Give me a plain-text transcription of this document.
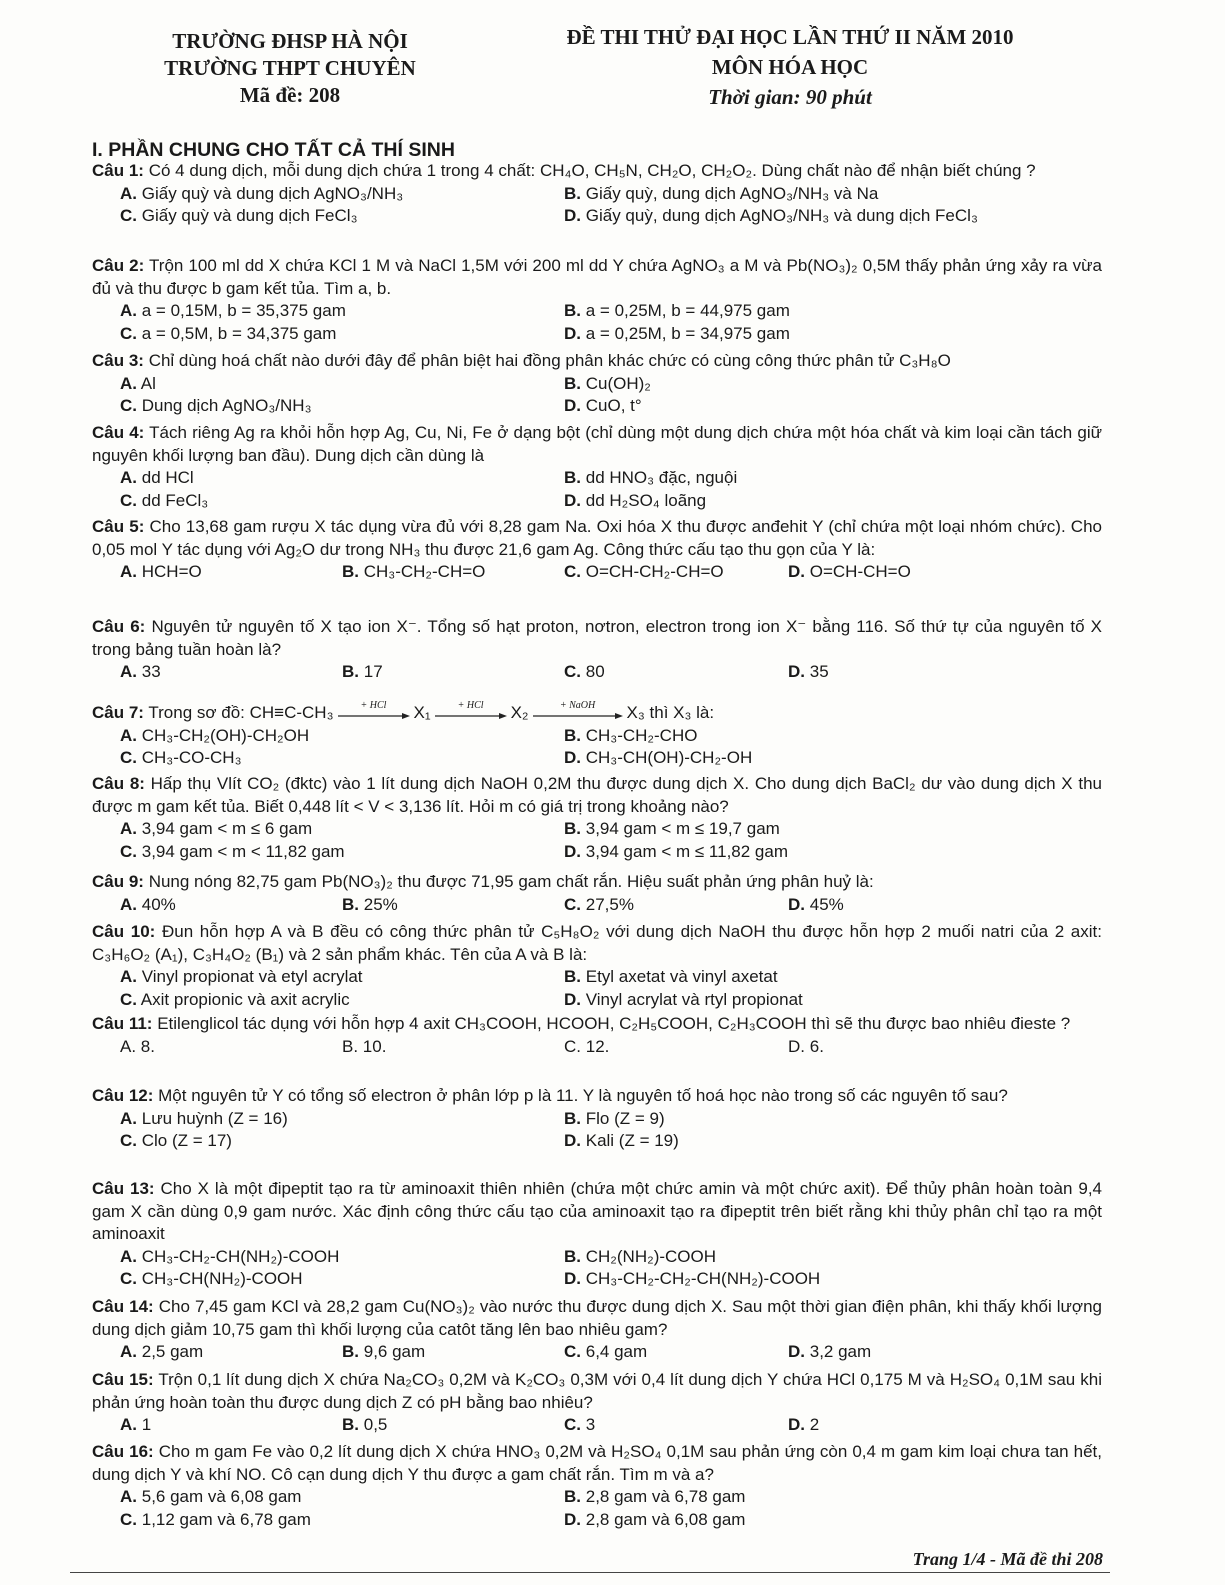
TRƯỜNG ĐHSP HÀ NỘI
TRƯỜNG THPT CHUYÊN
Mã đề: 208
ĐỀ THI THỬ ĐẠI HỌC LẦN THỨ II NĂM 2010
MÔN HÓA HỌC
Thời gian: 90 phút
I. PHẦN CHUNG CHO TẤT CẢ THÍ SINH
Câu 1: Có 4 dung dịch, mỗi dung dịch chứa 1 trong 4 chất: CH₄O, CH₅N, CH₂O, CH₂O₂. Dùng chất nào để nhận biết chúng ?
A. Giấy quỳ và dung dịch AgNO₃/NH₃	B. Giấy quỳ, dung dịch AgNO₃/NH₃ và Na
C. Giấy quỳ và dung dịch FeCl₃	D. Giấy quỳ, dung dịch AgNO₃/NH₃ và dung dịch FeCl₃
Câu 2: Trộn 100 ml dd X chứa KCl 1 M và NaCl 1,5M với 200 ml dd Y chứa AgNO₃ a M và Pb(NO₃)₂ 0,5M thấy phản ứng xảy ra vừa đủ và thu được b gam kết tủa. Tìm a, b.
A. a = 0,15M, b = 35,375 gam	B. a = 0,25M, b = 44,975 gam
C. a = 0,5M, b = 34,375 gam	D. a = 0,25M, b = 34,975 gam
Câu 3: Chỉ dùng hoá chất nào dưới đây để phân biệt hai đồng phân khác chức có cùng công thức phân tử C₃H₈O
A. Al	B. Cu(OH)₂
C. Dung dịch AgNO₃/NH₃	D. CuO, t°
Câu 4: Tách riêng Ag ra khỏi hỗn hợp Ag, Cu, Ni, Fe ở dạng bột (chỉ dùng một dung dịch chứa một hóa chất và kim loại cần tách giữ nguyên khối lượng ban đầu). Dung dịch cần dùng là
A. dd HCl	B. dd HNO₃ đặc, nguội
C. dd FeCl₃	D. dd H₂SO₄ loãng
Câu 5: Cho 13,68 gam rượu X tác dụng vừa đủ với 8,28 gam Na. Oxi hóa X thu được anđehit Y (chỉ chứa một loại nhóm chức). Cho 0,05 mol Y tác dụng với Ag₂O dư trong NH₃ thu được 21,6 gam Ag. Công thức cấu tạo thu gọn của Y là:
A. HCH=O	B. CH₃-CH₂-CH=O	C. O=CH-CH₂-CH=O	D. O=CH-CH=O
Câu 6: Nguyên tử nguyên tố X tạo ion X⁻. Tổng số hạt proton, nơtron, electron trong ion X⁻ bằng 116. Số thứ tự của nguyên tố X trong bảng tuần hoàn là?
A. 33	B. 17	C. 80	D. 35
Câu 7: Trong sơ đồ: CH≡C-CH₃	+ HCl	X₁	+ HCl	X₂	+ NaOH	X₃ thì X₃ là:
A. CH₃-CH₂(OH)-CH₂OH	B. CH₃-CH₂-CHO
C. CH₃-CO-CH₃	D. CH₃-CH(OH)-CH₂-OH
Câu 8: Hấp thụ Vlít CO₂ (đktc) vào 1 lít dung dịch NaOH 0,2M thu được dung dịch X. Cho dung dịch BaCl₂ dư vào dung dịch X thu được m gam kết tủa. Biết 0,448 lít < V < 3,136 lít. Hỏi m có giá trị trong khoảng nào?
A. 3,94 gam < m ≤ 6 gam	B. 3,94 gam < m ≤ 19,7 gam
C. 3,94 gam < m < 11,82 gam	D. 3,94 gam < m ≤ 11,82 gam
Câu 9: Nung nóng 82,75 gam Pb(NO₃)₂ thu được 71,95 gam chất rắn. Hiệu suất phản ứng phân huỷ là:
A. 40%	B. 25%	C. 27,5%	D. 45%
Câu 10: Đun hỗn hợp A và B đều có công thức phân tử C₅H₈O₂ với dung dịch NaOH thu được hỗn hợp 2 muối natri của 2 axit: C₃H₆O₂ (A₁), C₃H₄O₂ (B₁) và 2 sản phẩm khác. Tên của A và B là:
A. Vinyl propionat và etyl acrylat	B. Etyl axetat và vinyl axetat
C. Axit propionic và axit acrylic	D. Vinyl acrylat và rtyl propionat
Câu 11: Etilenglicol tác dụng với hỗn hợp 4 axit CH₃COOH, HCOOH, C₂H₅COOH, C₂H₃COOH thì sẽ thu được bao nhiêu đieste ?
A. 8.	B. 10.	C. 12.	D. 6.
Câu 12: Một nguyên tử Y có tổng số electron ở phân lớp p là 11. Y là nguyên tố hoá học nào trong số các nguyên tố sau?
A. Lưu huỳnh (Z = 16)	B. Flo (Z = 9)
C. Clo (Z = 17)	D. Kali (Z = 19)
Câu 13: Cho X là một đipeptit tạo ra từ aminoaxit thiên nhiên (chứa một chức amin và một chức axit). Để thủy phân hoàn toàn 9,4 gam X cần dùng 0,9 gam nước. Xác định công thức cấu tạo của aminoaxit tạo ra đipeptit trên biết rằng khi thủy phân chỉ tạo ra một aminoaxit
A. CH₃-CH₂-CH(NH₂)-COOH	B. CH₂(NH₂)-COOH
C. CH₃-CH(NH₂)-COOH	D. CH₃-CH₂-CH₂-CH(NH₂)-COOH
Câu 14: Cho 7,45 gam KCl và 28,2 gam Cu(NO₃)₂ vào nước thu được dung dịch X. Sau một thời gian điện phân, khi thấy khối lượng dung dịch giảm 10,75 gam thì khối lượng của catôt tăng lên bao nhiêu gam?
A. 2,5 gam	B. 9,6 gam	C. 6,4 gam	D. 3,2 gam
Câu 15: Trộn 0,1 lít dung dịch X chứa Na₂CO₃ 0,2M và K₂CO₃ 0,3M với 0,4 lít dung dịch Y chứa HCl 0,175 M và H₂SO₄ 0,1M sau khi phản ứng hoàn toàn thu được dung dịch Z có pH bằng bao nhiêu?
A. 1	B. 0,5	C. 3	D. 2
Câu 16: Cho m gam Fe vào 0,2 lít dung dịch X chứa HNO₃ 0,2M và H₂SO₄ 0,1M sau phản ứng còn 0,4 m gam kim loại chưa tan hết, dung dịch Y và khí NO. Cô cạn dung dịch Y thu được a gam chất rắn. Tìm m và a?
A. 5,6 gam và 6,08 gam	B. 2,8 gam và 6,78 gam
C. 1,12 gam và 6,78 gam	D. 2,8 gam và 6,08 gam
Trang 1/4 - Mã đề thi 208
